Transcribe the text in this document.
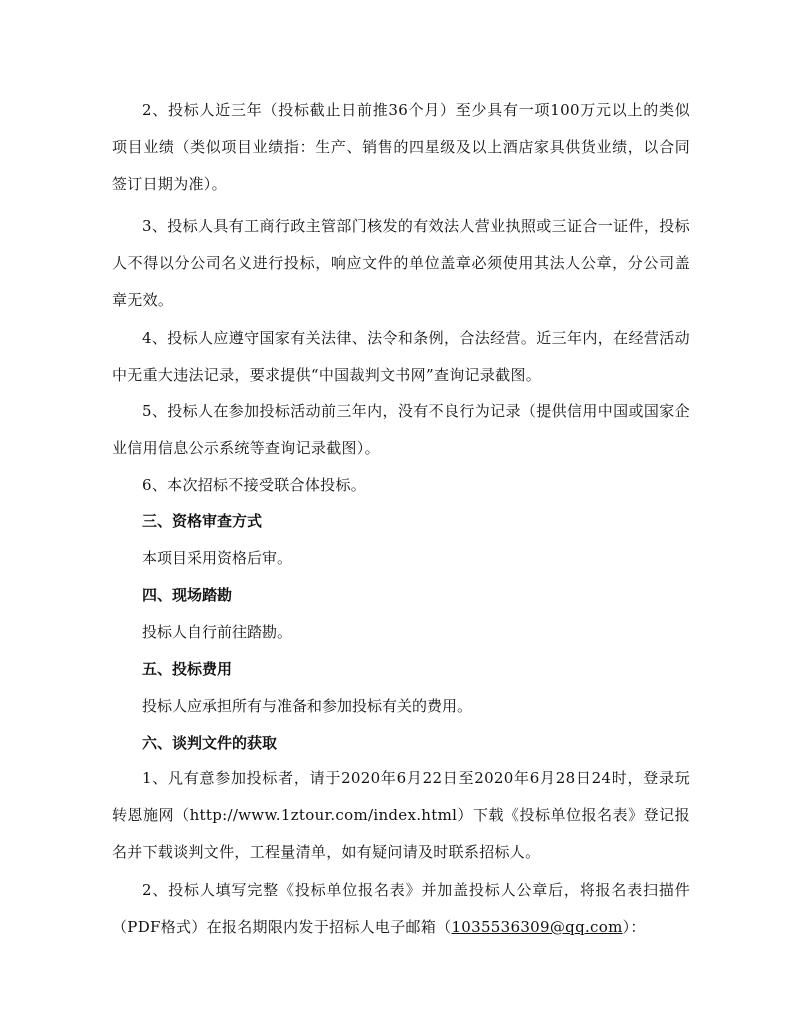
2、投标人近三年（投标截止日前推36个月）至少具有一项100万元以上的类似项目业绩（类似项目业绩指：生产、销售的四星级及以上酒店家具供货业绩，以合同签订日期为准）。

3、投标人具有工商行政主管部门核发的有效法人营业执照或三证合一证件，投标人不得以分公司名义进行投标，响应文件的单位盖章必须使用其法人公章，分公司盖章无效。

4、投标人应遵守国家有关法律、法令和条例，合法经营。近三年内，在经营活动中无重大违法记录，要求提供“中国裁判文书网”查询记录截图。

5、投标人在参加投标活动前三年内，没有不良行为记录（提供信用中国或国家企业信用信息公示系统等查询记录截图）。

6、本次招标不接受联合体投标。

三、资格审查方式

本项目采用资格后审。

四、现场踏勘

投标人自行前往踏勘。

五、投标费用

投标人应承担所有与准备和参加投标有关的费用。

六、谈判文件的获取

1、凡有意参加投标者，请于2020年6月22日至2020年6月28日24时，登录玩转恩施网（http://www.1ztour.com/index.html）下载《投标单位报名表》登记报名并下载谈判文件，工程量清单，如有疑问请及时联系招标人。

2、投标人填写完整《投标单位报名表》并加盖投标人公章后，将报名表扫描件（PDF格式）在报名期限内发于招标人电子邮箱（1035536309@qq.com）：
